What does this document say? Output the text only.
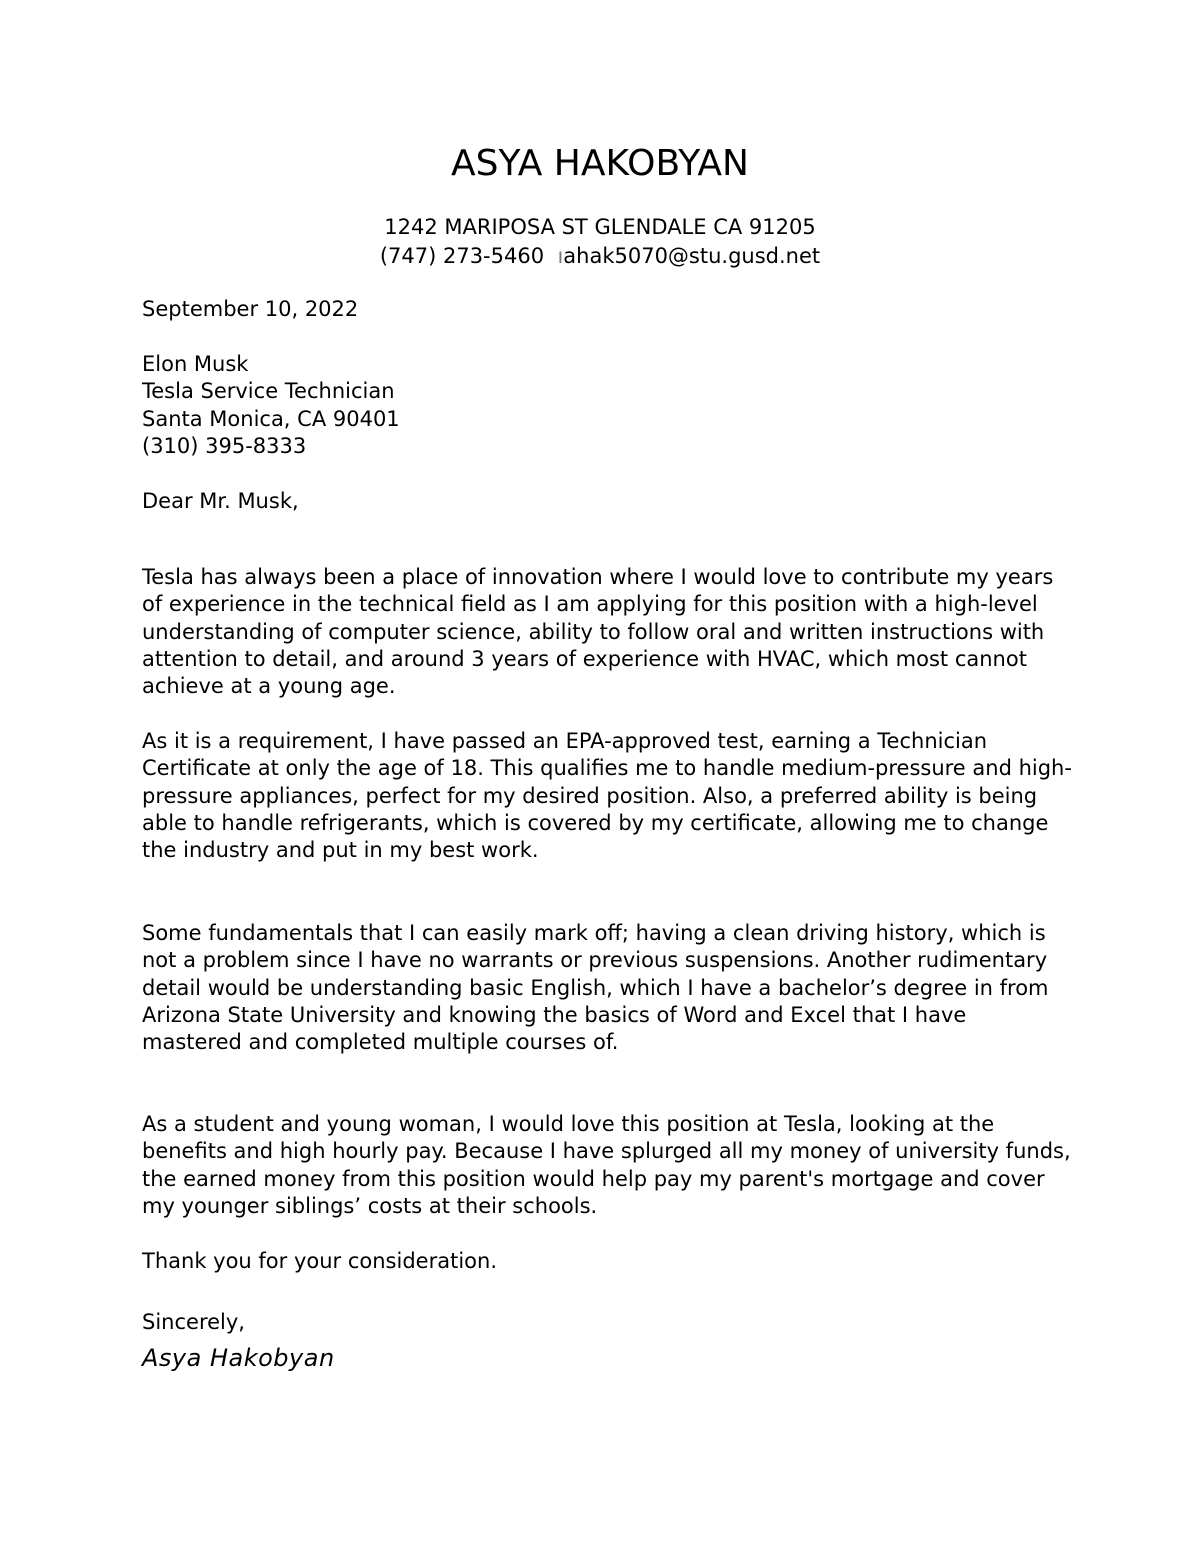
ASYA HAKOBYAN
1242 MARIPOSA ST GLENDALE CA 91205
(747) 273-5460  ıahak5070@stu.gusd.net
September 10, 2022
Elon Musk
Tesla Service Technician
Santa Monica, CA 90401
(310) 395-8333
Dear Mr. Musk,

Tesla has always been a place of innovation where I would love to contribute my years of experience in the technical field as I am applying for this position with a high-level understanding of computer science, ability to follow oral and written instructions with attention to detail, and around 3 years of experience with HVAC, which most cannot achieve at a young age.

As it is a requirement, I have passed an EPA-approved test, earning a Technician Certificate at only the age of 18. This qualifies me to handle medium-pressure and high-pressure appliances, perfect for my desired position. Also, a preferred ability is being able to handle refrigerants, which is covered by my certificate, allowing me to change the industry and put in my best work.

Some fundamentals that I can easily mark off; having a clean driving history, which is not a problem since I have no warrants or previous suspensions. Another rudimentary detail would be understanding basic English, which I have a bachelor’s degree in from Arizona State University and knowing the basics of Word and Excel that I have mastered and completed multiple courses of.

As a student and young woman, I would love this position at Tesla, looking at the benefits and high hourly pay. Because I have splurged all my money of university funds, the earned money from this position would help pay my parent's mortgage and cover my younger siblings’ costs at their schools.

Thank you for your consideration.

Sincerely,
Asya Hakobyan
